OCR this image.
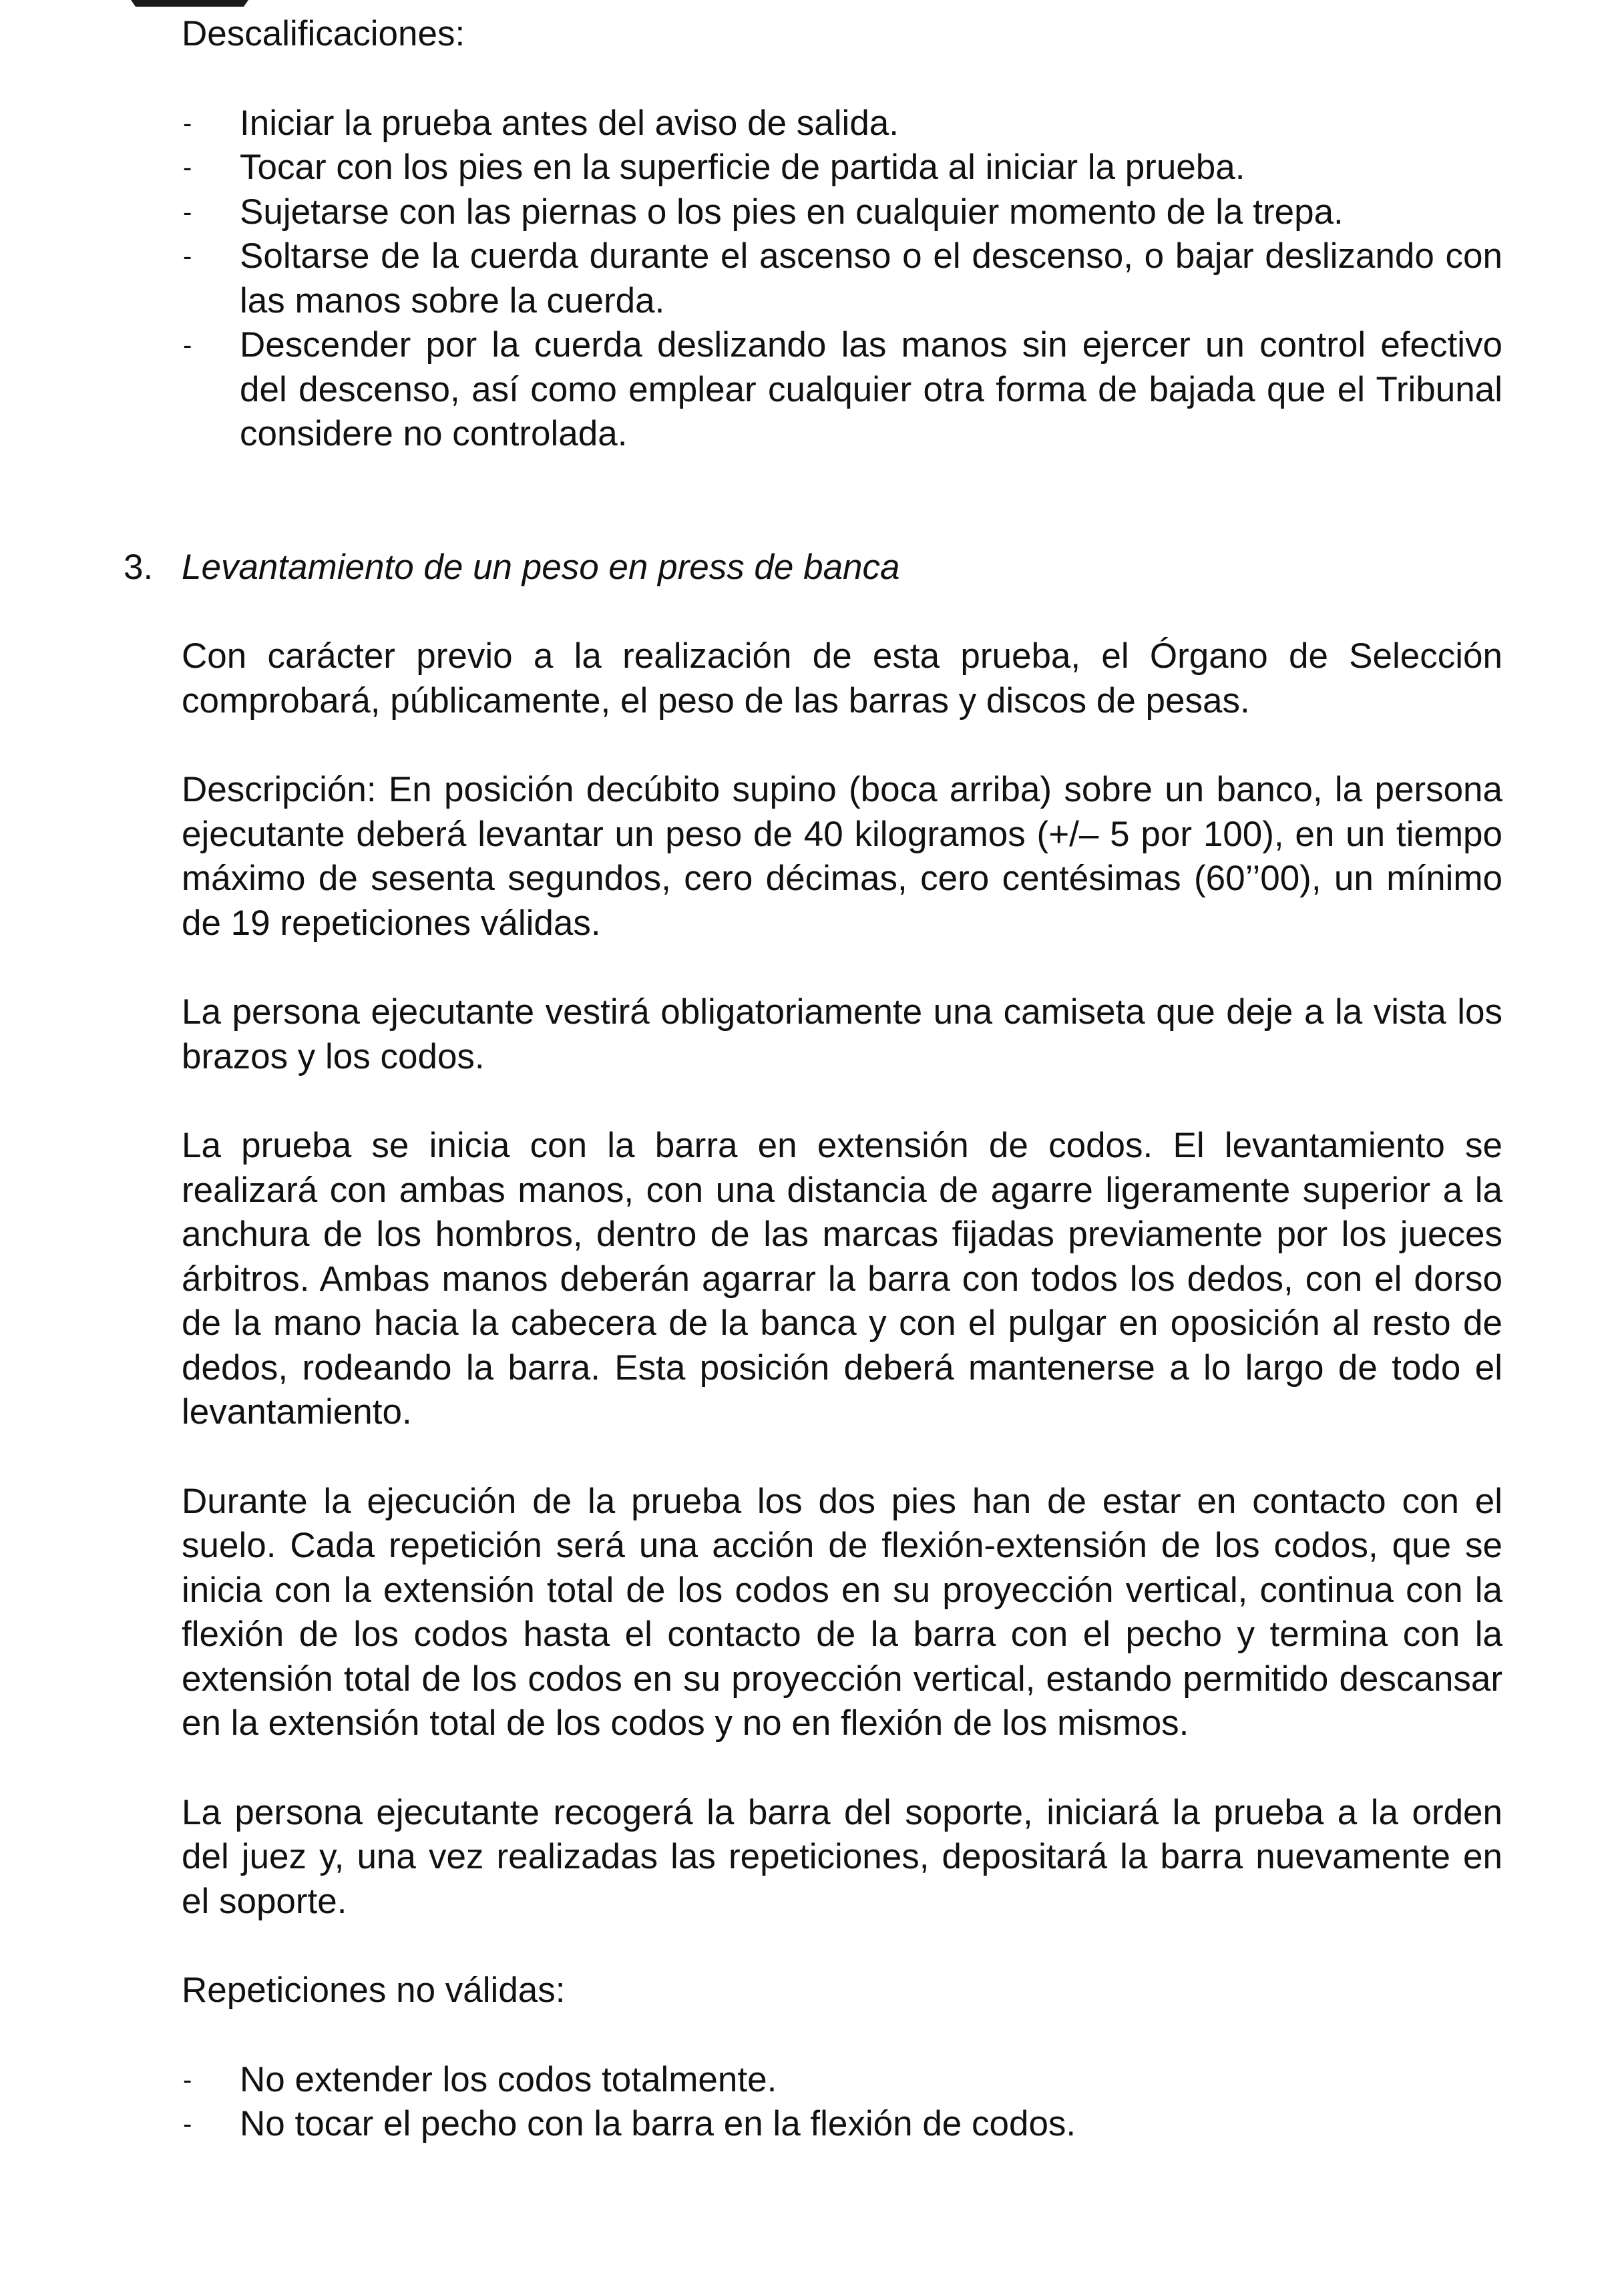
Descalificaciones:

- Iniciar la prueba antes del aviso de salida.
- Tocar con los pies en la superficie de partida al iniciar la prueba.
- Sujetarse con las piernas o los pies en cualquier momento de la trepa.
- Soltarse de la cuerda durante el ascenso o el descenso, o bajar deslizando con las manos sobre la cuerda.
- Descender por la cuerda deslizando las manos sin ejercer un control efectivo del descenso, así como emplear cualquier otra forma de bajada que el Tribunal considere no controlada.

3. Levantamiento de un peso en press de banca

Con carácter previo a la realización de esta prueba, el Órgano de Selección comprobará, públicamente, el peso de las barras y discos de pesas.

Descripción: En posición decúbito supino (boca arriba) sobre un banco, la persona ejecutante deberá levantar un peso de 40 kilogramos (+/– 5 por 100), en un tiempo máximo de sesenta segundos, cero décimas, cero centésimas (60’’00), un mínimo de 19 repeticiones válidas.

La persona ejecutante vestirá obligatoriamente una camiseta que deje a la vista los brazos y los codos.

La prueba se inicia con la barra en extensión de codos. El levantamiento se realizará con ambas manos, con una distancia de agarre ligeramente superior a la anchura de los hombros, dentro de las marcas fijadas previamente por los jueces árbitros. Ambas manos deberán agarrar la barra con todos los dedos, con el dorso de la mano hacia la cabecera de la banca y con el pulgar en oposición al resto de dedos, rodeando la barra. Esta posición deberá mantenerse a lo largo de todo el levantamiento.

Durante la ejecución de la prueba los dos pies han de estar en contacto con el suelo. Cada repetición será una acción de flexión-extensión de los codos, que se inicia con la extensión total de los codos en su proyección vertical, continua con la flexión de los codos hasta el contacto de la barra con el pecho y termina con la extensión total de los codos en su proyección vertical, estando permitido descansar en la extensión total de los codos y no en flexión de los mismos.

La persona ejecutante recogerá la barra del soporte, iniciará la prueba a la orden del juez y, una vez realizadas las repeticiones, depositará la barra nuevamente en el soporte.

Repeticiones no válidas:

- No extender los codos totalmente.
- No tocar el pecho con la barra en la flexión de codos.
